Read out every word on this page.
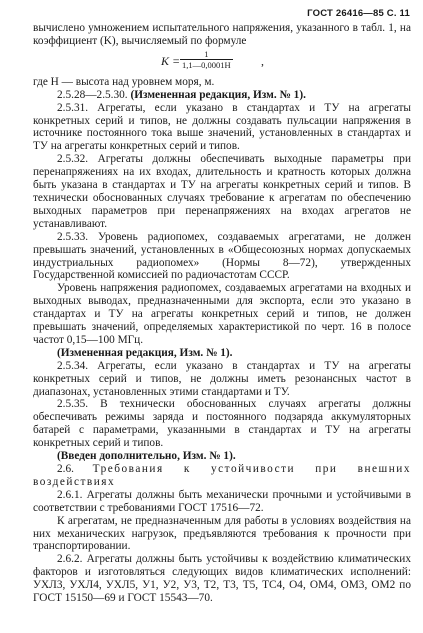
ГОСТ 26416—85 С. 11

вычислено умножением испытательного напряжения, указанного в табл. 1, на коэффициент (K), вычисляемый по формуле

$K = \frac{1}{1,1—0,0001H}$ ,

где H — высота над уровнем моря, м.

2.5.28—2.5.30. (Измененная редакция, Изм. № 1).

2.5.31. Агрегаты, если указано в стандартах и ТУ на агрегаты конкретных серий и типов, не должны создавать пульсации напряжения в источнике постоянного тока выше значений, установленных в стандартах и ТУ на агрегаты конкретных серий и типов.

2.5.32. Агрегаты должны обеспечивать выходные параметры при перенапряжениях на их входах, длительность и кратность которых должна быть указана в стандартах и ТУ на агрегаты конкретных серий и типов. В технически обоснованных случаях требование к агрегатам по обеспечению выходных параметров при перенапряжениях на входах агрегатов не устанавливают.

2.5.33. Уровень радиопомех, создаваемых агрегатами, не должен превышать значений, установленных в «Общесоюзных нормах допускаемых индустриальных радиопомех» (Нормы 8—72), утвержденных Государственной комиссией по радиочастотам СССР.

Уровень напряжения радиопомех, создаваемых агрегатами на входных и выходных выводах, предназначенными для экспорта, если это указано в стандартах и ТУ на агрегаты конкретных серий и типов, не должен превышать значений, определяемых характеристикой по черт. 16 в полосе частот 0,15—100 МГц.

(Измененная редакция, Изм. № 1).

2.5.34. Агрегаты, если указано в стандартах и ТУ на агрегаты конкретных серий и типов, не должны иметь резонансных частот в диапазонах, установленных этими стандартами и ТУ.

2.5.35. В технически обоснованных случаях агрегаты должны обеспечивать режимы заряда и постоянного подзаряда аккумуляторных батарей с параметрами, указанными в стандартах и ТУ на агрегаты конкретных серий и типов.

(Введен дополнительно, Изм. № 1).

2.6. Требования к устойчивости при внешних воздействиях

2.6.1. Агрегаты должны быть механически прочными и устойчивыми в соответствии с требованиями ГОСТ 17516—72.

К агрегатам, не предназначенным для работы в условиях воздействия на них механических нагрузок, предъявляются требования к прочности при транспортировании.

2.6.2. Агрегаты должны быть устойчивы к воздействию климатических факторов и изготовляться следующих видов климатических исполнений: УХЛ3, УХЛ4, УХЛ5, У1, У2, У3, Т2, Т3, Т5, ТС4, О4, ОМ4, ОМ3, ОМ2 по ГОСТ 15150—69 и ГОСТ 15543—70.
